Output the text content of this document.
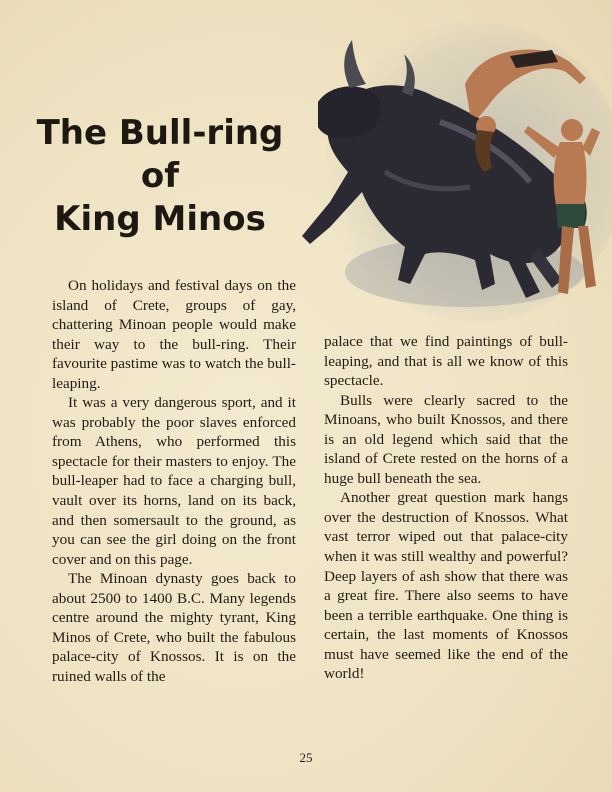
The Bull-ring
of
King Minos

On holidays and festival days on the island of Crete, groups of gay, chattering Minoan people would make their way to the bull-ring. Their favourite pastime was to watch the bull-leaping.

It was a very dangerous sport, and it was probably the poor slaves enforced from Athens, who performed this spectacle for their masters to enjoy. The bull-leaper had to face a charging bull, vault over its horns, land on its back, and then somersault to the ground, as you can see the girl doing on the front cover and on this page.

The Minoan dynasty goes back to about 2500 to 1400 B.C. Many legends centre around the mighty tyrant, King Minos of Crete, who built the fabulous palace-city of Knossos. It is on the ruined walls of the

palace that we find paintings of bull-leaping, and that is all we know of this spectacle.

Bulls were clearly sacred to the Minoans, who built Knossos, and there is an old legend which said that the island of Crete rested on the horns of a huge bull beneath the sea.

Another great question mark hangs over the destruction of Knossos. What vast terror wiped out that palace-city when it was still wealthy and powerful? Deep layers of ash show that there was a great fire. There also seems to have been a terrible earthquake. One thing is certain, the last moments of Knossos must have seemed like the end of the world!

25
